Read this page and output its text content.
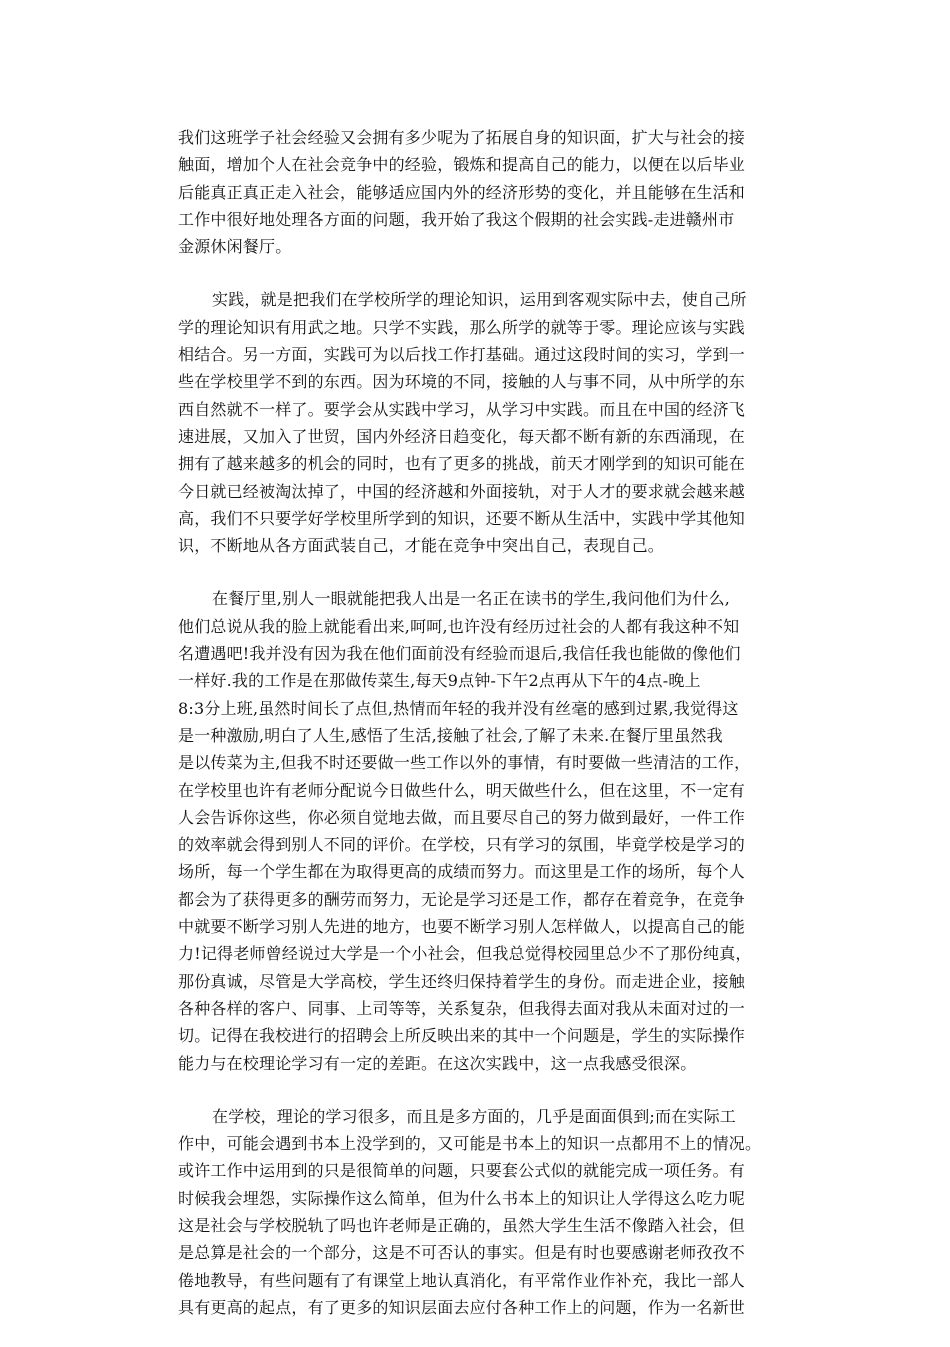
我们这班学子社会经验又会拥有多少呢为了拓展自身的知识面，扩大与社会的接
触面，增加个人在社会竞争中的经验，锻炼和提高自己的能力，以便在以后毕业
后能真正真正走入社会，能够适应国内外的经济形势的变化，并且能够在生活和
工作中很好地处理各方面的问题，我开始了我这个假期的社会实践-走进赣州市
金源休闲餐厅。
实践，就是把我们在学校所学的理论知识，运用到客观实际中去，使自己所
学的理论知识有用武之地。只学不实践，那么所学的就等于零。理论应该与实践
相结合。另一方面，实践可为以后找工作打基础。通过这段时间的实习，学到一
些在学校里学不到的东西。因为环境的不同，接触的人与事不同，从中所学的东
西自然就不一样了。要学会从实践中学习，从学习中实践。而且在中国的经济飞
速进展，又加入了世贸，国内外经济日趋变化，每天都不断有新的东西涌现，在
拥有了越来越多的机会的同时，也有了更多的挑战，前天才刚学到的知识可能在
今日就已经被淘汰掉了，中国的经济越和外面接轨，对于人才的要求就会越来越
高，我们不只要学好学校里所学到的知识，还要不断从生活中，实践中学其他知
识，不断地从各方面武装自己，才能在竞争中突出自己，表现自己。
在餐厅里,别人一眼就能把我人出是一名正在读书的学生,我问他们为什么,
他们总说从我的脸上就能看出来,呵呵,也许没有经历过社会的人都有我这种不知
名遭遇吧!我并没有因为我在他们面前没有经验而退后,我信任我也能做的像他们
一样好.我的工作是在那做传菜生,每天9点钟-下午2点再从下午的4点-晚上
8:3分上班,虽然时间长了点但,热情而年轻的我并没有丝毫的感到过累,我觉得这
是一种激励,明白了人生,感悟了生活,接触了社会,了解了未来.在餐厅里虽然我
是以传菜为主,但我不时还要做一些工作以外的事情，有时要做一些清洁的工作，
在学校里也许有老师分配说今日做些什么，明天做些什么，但在这里，不一定有
人会告诉你这些，你必须自觉地去做，而且要尽自己的努力做到最好，一件工作
的效率就会得到别人不同的评价。在学校，只有学习的氛围，毕竟学校是学习的
场所，每一个学生都在为取得更高的成绩而努力。而这里是工作的场所，每个人
都会为了获得更多的酬劳而努力，无论是学习还是工作，都存在着竞争，在竞争
中就要不断学习别人先进的地方，也要不断学习别人怎样做人，以提高自己的能
力!记得老师曾经说过大学是一个小社会，但我总觉得校园里总少不了那份纯真，
那份真诚，尽管是大学高校，学生还终归保持着学生的身份。而走进企业，接触
各种各样的客户、同事、上司等等，关系复杂，但我得去面对我从未面对过的一
切。记得在我校进行的招聘会上所反映出来的其中一个问题是，学生的实际操作
能力与在校理论学习有一定的差距。在这次实践中，这一点我感受很深。
在学校，理论的学习很多，而且是多方面的，几乎是面面俱到;而在实际工
作中，可能会遇到书本上没学到的，又可能是书本上的知识一点都用不上的情况。
或许工作中运用到的只是很简单的问题，只要套公式似的就能完成一项任务。有
时候我会埋怨，实际操作这么简单，但为什么书本上的知识让人学得这么吃力呢
这是社会与学校脱轨了吗也许老师是正确的，虽然大学生生活不像踏入社会，但
是总算是社会的一个部分，这是不可否认的事实。但是有时也要感谢老师孜孜不
倦地教导，有些问题有了有课堂上地认真消化，有平常作业作补充，我比一部人
具有更高的起点，有了更多的知识层面去应付各种工作上的问题，作为一名新世
